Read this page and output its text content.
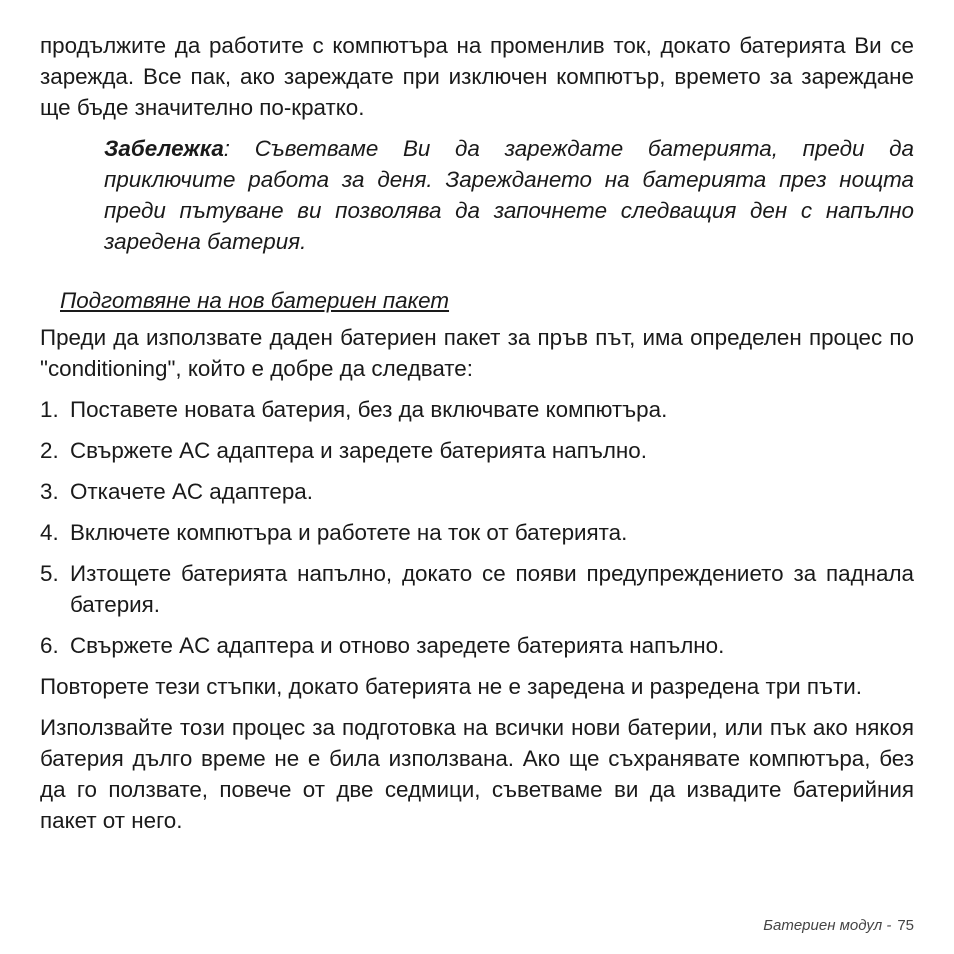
продължите да работите с компютъра на променлив ток, докато батерията Ви се зарежда. Все пак, ако зареждате при изключен компютър, времето за зареждане ще бъде значително по-кратко.

Забележка: Съветваме Ви да зареждате батерията, преди да приключите работа за деня. Зареждането на батерията през нощта преди пътуване ви позволява да започнете следващия ден с напълно заредена батерия.

Подготвяне на нов батериен пакет

Преди да използвате даден батериен пакет за пръв път, има определен процес по "conditioning", който е добре да следвате:

1. Поставете новата батерия, без да включвате компютъра.
2. Свържете AC адаптера и заредете батерията напълно.
3. Откачете AC адаптера.
4. Включете компютъра и работете на ток от батерията.
5. Изтощете батерията напълно, докато се появи предупреждението за паднала батерия.
6. Свържете AC адаптера и отново заредете батерията напълно.

Повторете тези стъпки, докато батерията не е заредена и разредена три пъти.

Използвайте този процес за подготовка на всички нови батерии, или пък ако някоя батерия дълго време не е била използвана. Ако ще съхранявате компютъра, без да го ползвате, повече от две седмици, съветваме ви да извадите батерийния пакет от него.

Батериен модул - 75
